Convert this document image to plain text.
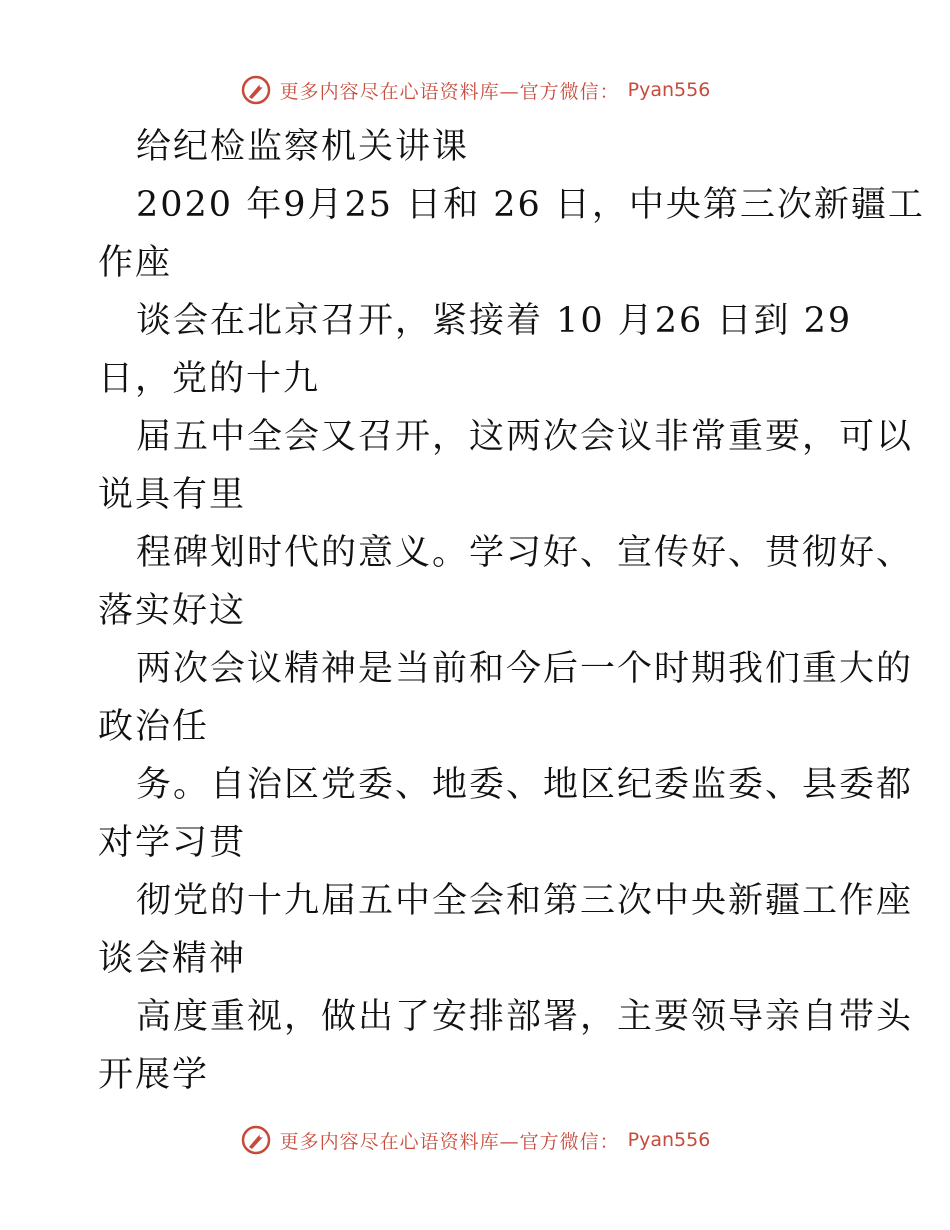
更多内容尽在心语资料库—官方微信： Pyan556
给纪检监察机关讲课
2020 年9月25 日和 26 日，中央第三次新疆工
作座
谈会在北京召开，紧接着 10 月26 日到 29
日，党的十九
届五中全会又召开，这两次会议非常重要，可以
说具有里
程碑划时代的意义。学习好、宣传好、贯彻好、
落实好这
两次会议精神是当前和今后一个时期我们重大的
政治任
务。自治区党委、地委、地区纪委监委、县委都
对学习贯
彻党的十九届五中全会和第三次中央新疆工作座
谈会精神
高度重视，做出了安排部署，主要领导亲自带头
开展学
更多内容尽在心语资料库—官方微信： Pyan556
